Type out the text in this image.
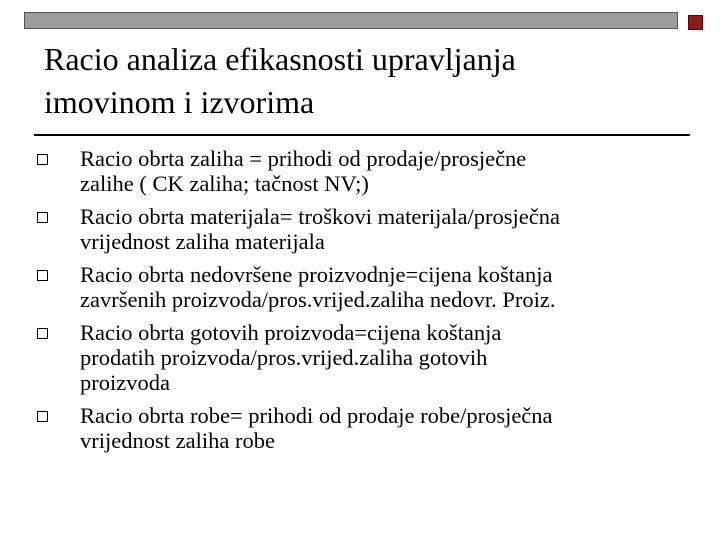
Racio analiza efikasnosti upravljanja
imovinom i izvorima
Racio obrta zaliha = prihodi od prodaje/prosječne
zalihe ( CK zaliha; tačnost NV;)
Racio obrta materijala= troškovi materijala/prosječna
vrijednost zaliha materijala
Racio obrta nedovršene proizvodnje=cijena koštanja
završenih proizvoda/pros.vrijed.zaliha nedovr. Proiz.
Racio obrta gotovih proizvoda=cijena koštanja
prodatih proizvoda/pros.vrijed.zaliha gotovih
proizvoda
Racio obrta robe= prihodi od prodaje robe/prosječna
vrijednost zaliha robe
